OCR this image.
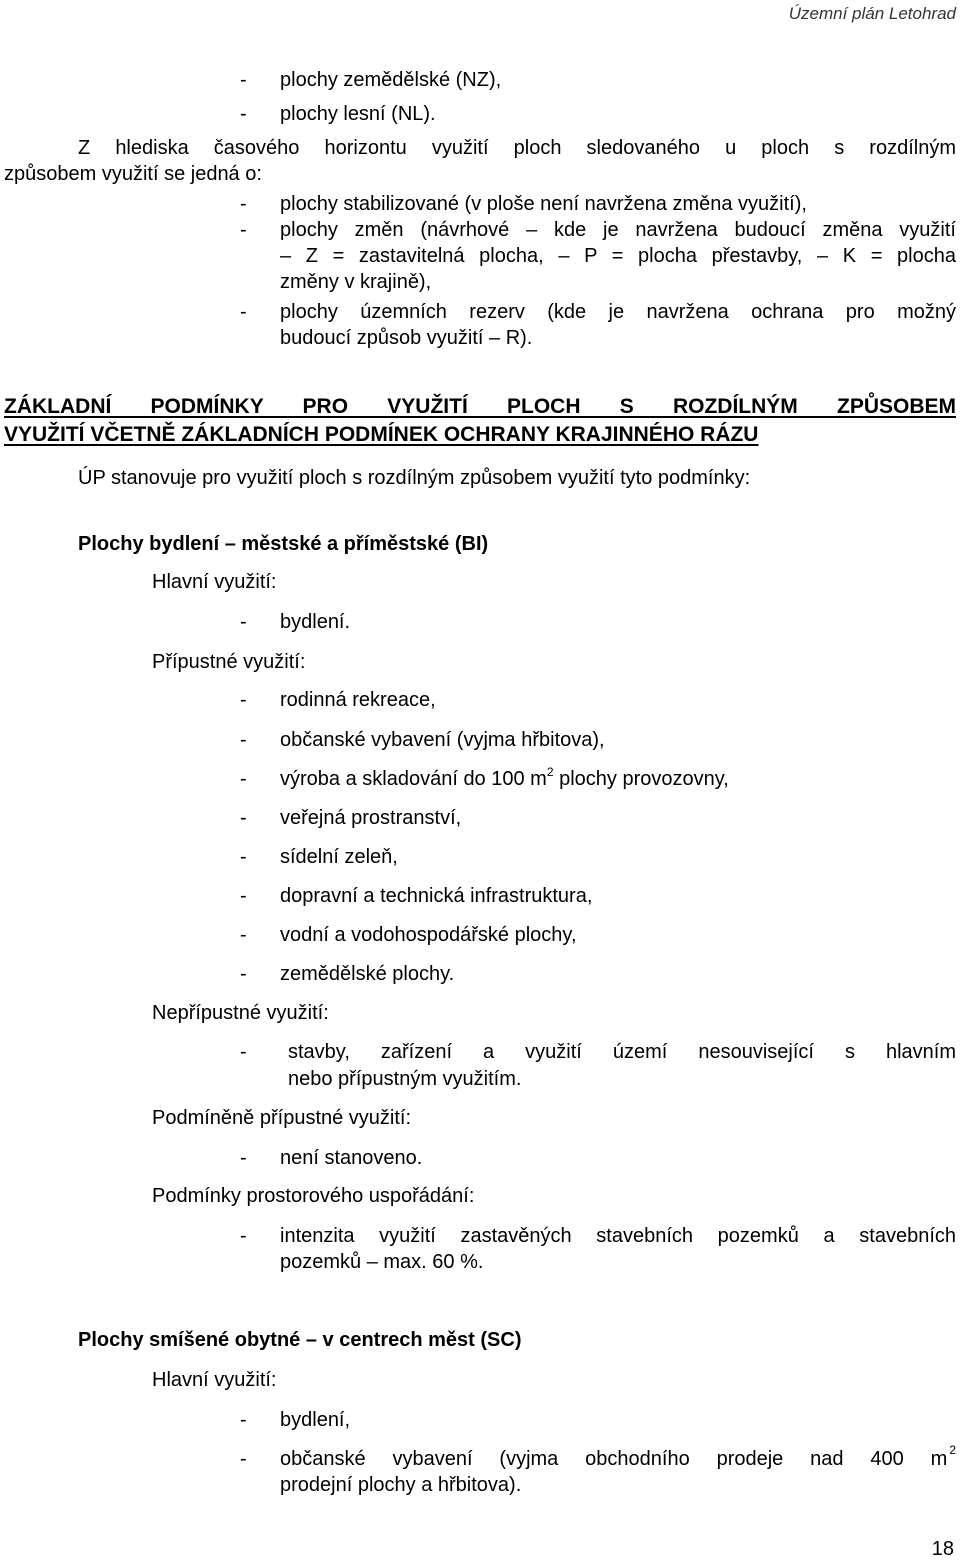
Územní plán Letohrad
- plochy zemědělské (NZ),
- plochy lesní (NL).
Z hlediska časového horizontu využití ploch sledovaného u ploch s rozdílným
způsobem využití se jedná o:
- plochy stabilizované (v ploše není navržena změna využití),
- plochy změn (návrhové – kde je navržena budoucí změna využití
– Z = zastavitelná plocha, – P = plocha přestavby, – K = plocha
změny v krajině),
- plochy územních rezerv (kde je navržena ochrana pro možný
budoucí způsob využití – R).
ZÁKLADNÍ PODMÍNKY PRO VYUŽITÍ PLOCH S ROZDÍLNÝM ZPŮSOBEM
VYUŽITÍ VČETNĚ ZÁKLADNÍCH PODMÍNEK OCHRANY KRAJINNÉHO RÁZU
ÚP stanovuje pro využití ploch s rozdílným způsobem využití tyto podmínky:
Plochy bydlení – městské a příměstské (BI)
Hlavní využití:
- bydlení.
Přípustné využití:
- rodinná rekreace,
- občanské vybavení (vyjma hřbitova),
- výroba a skladování do 100 $m^2$ plochy provozovny,
- veřejná prostranství,
- sídelní zeleň,
- dopravní a technická infrastruktura,
- vodní a vodohospodářské plochy,
- zemědělské plochy.
Nepřípustné využití:
- stavby, zařízení a využití území nesouvisející s hlavním
nebo přípustným využitím.
Podmíněně přípustné využití:
- není stanoveno.
Podmínky prostorového uspořádání:
- intenzita využití zastavěných stavebních pozemků a stavebních
pozemků – max. 60 %.
Plochy smíšené obytné – v centrech měst (SC)
Hlavní využití:
- bydlení,
- občanské vybavení (vyjma obchodního prodeje nad 400 m 2
prodejní plochy a hřbitova).
18
